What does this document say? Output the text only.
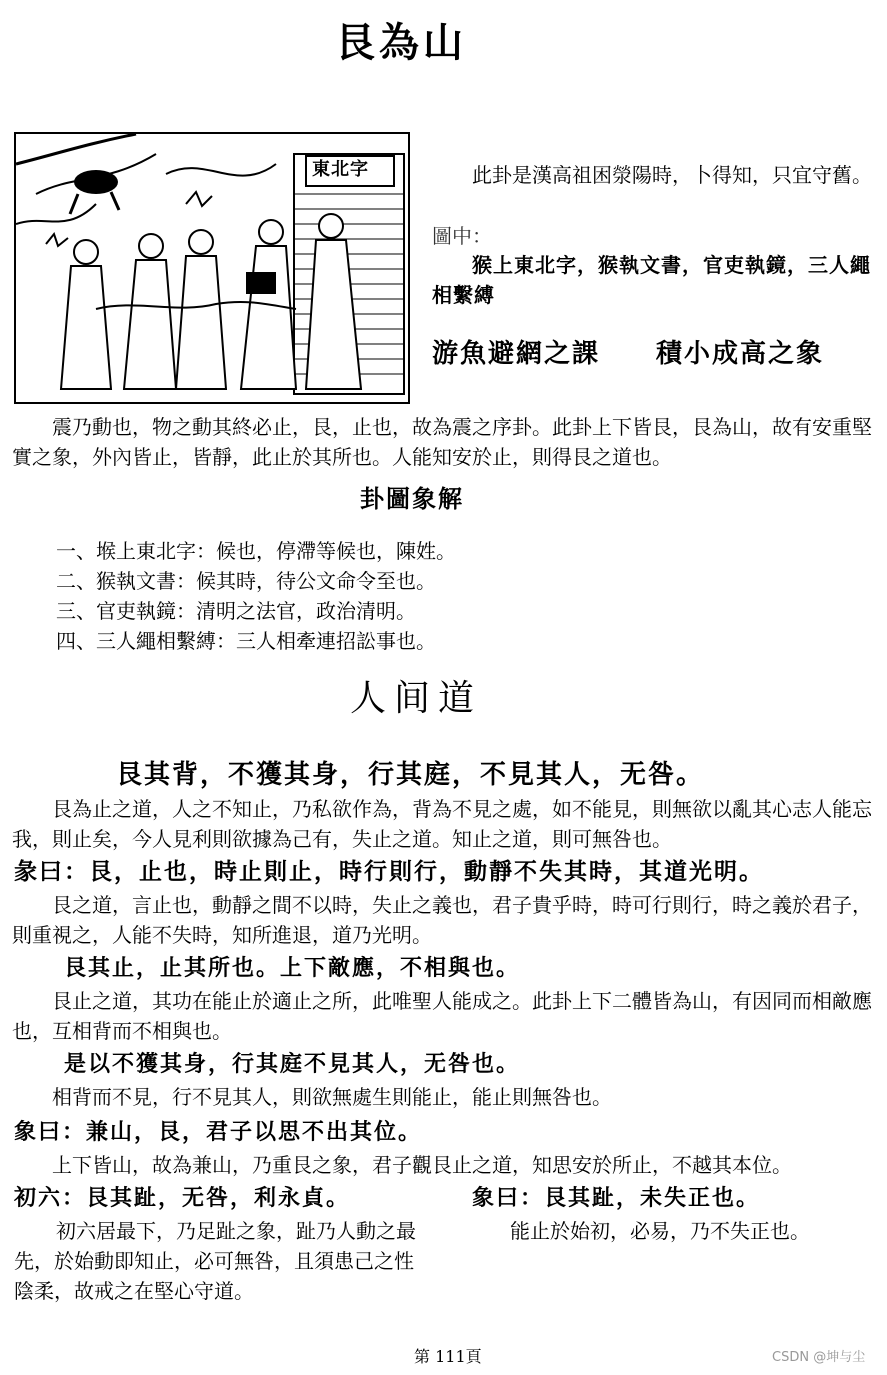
艮為山
東北字	此卦是漢高祖困滎陽時，卜得知，只宜守舊。
圖中：
猴上東北字，猴執文書，官吏執鏡，三人繩相繫縛
游魚避網之課 積小成高之象
震乃動也，物之動其終必止，艮，止也，故為震之序卦。此卦上下皆艮，艮為山，故有安重堅實之象，外內皆止，皆靜，此止於其所也。人能知安於止，則得艮之道也。
卦圖象解
一、堠上東北字：候也，停滯等候也，陳姓。
二、猴執文書：候其時，待公文命令至也。
三、官吏執鏡：清明之法官，政治清明。
四、三人繩相繫縛：三人相牽連招訟事也。
人间道
艮其背，不獲其身，行其庭，不見其人，无咎。
艮為止之道，人之不知止，乃私欲作為，背為不見之處，如不能見，則無欲以亂其心志人能忘我，則止矣，今人見利則欲據為己有，失止之道。知止之道，則可無咎也。
彖曰：艮，止也，時止則止，時行則行，動靜不失其時，其道光明。
艮之道，言止也，動靜之間不以時，失止之義也，君子貴乎時，時可行則行，時之義於君子，則重視之，人能不失時，知所進退，道乃光明。
艮其止，止其所也。上下敵應，不相與也。
艮止之道，其功在能止於適止之所，此唯聖人能成之。此卦上下二體皆為山，有因同而相敵應也，互相背而不相與也。
是以不獲其身，行其庭不見其人，无咎也。
相背而不見，行不見其人，則欲無處生則能止，能止則無咎也。
象曰：兼山，艮，君子以思不出其位。
上下皆山，故為兼山，乃重艮之象，君子觀艮止之道，知思安於所止，不越其本位。
初六：艮其趾，无咎，利永貞。	象曰：艮其趾，未失正也。
初六居最下，乃足趾之象，趾乃人動之最
先，於始動即知止，必可無咎，且須患己之性
陰柔，故戒之在堅心守道。
能止於始初，必易，乃不失正也。
第 111頁	CSDN @坤与尘
